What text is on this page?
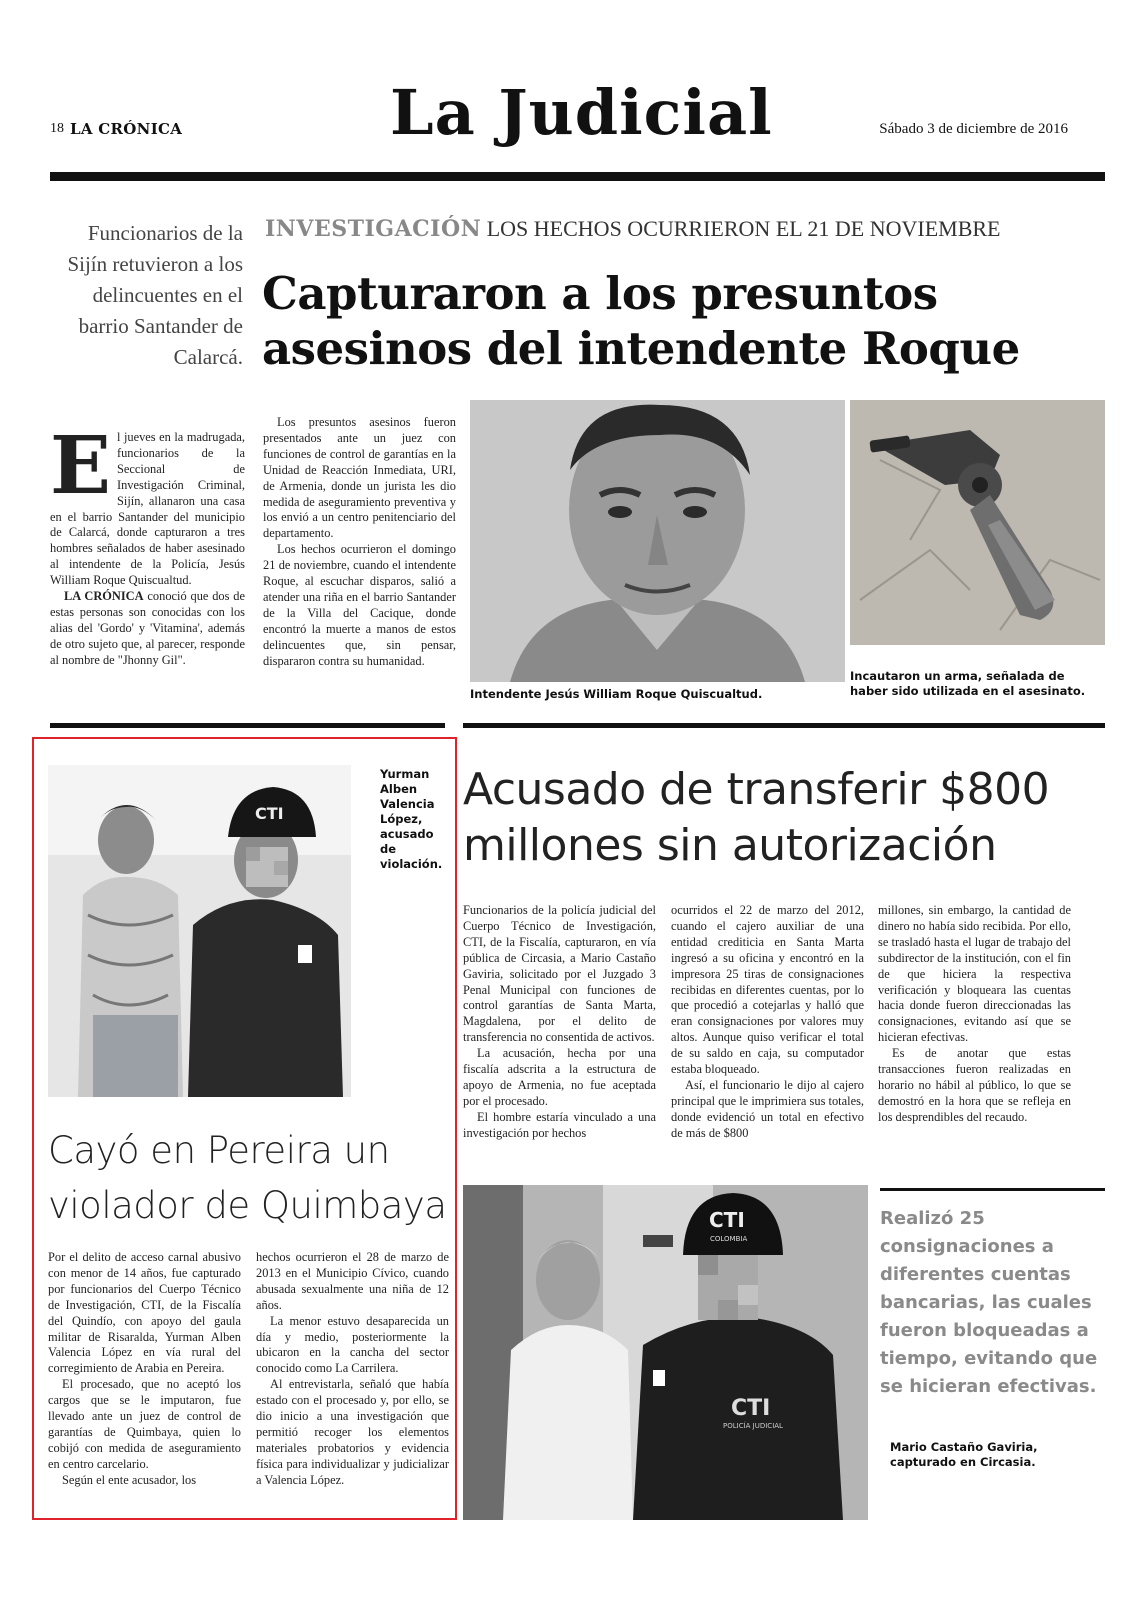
18 LA CRÓNICA	La Judicial	Sábado 3 de diciembre de 2016
Funcionarios de la Sijín retuvieron a los delincuentes en el barrio Santander de Calarcá.
INVESTIGACIÓN LOS HECHOS OCURRIERON EL 21 DE NOVIEMBRE
Capturaron a los presuntos asesinos del intendente Roque

El jueves en la madrugada, funcionarios de la Seccional de Investigación Criminal, Sijín, allanaron una casa en el barrio Santander del municipio de Calarcá, donde capturaron a tres hombres señalados de haber asesinado al intendente de la Policía, Jesús William Roque Quiscualtud.

LA CRÓNICA conoció que dos de estas personas son conocidas con los alias del 'Gordo' y 'Vitamina', además de otro sujeto que, al parecer, responde al nombre de "Jhonny Gil".

Los presuntos asesinos fueron presentados ante un juez con funciones de control de garantías en la Unidad de Reacción Inmediata, URI, de Armenia, donde un jurista les dio medida de aseguramiento preventiva y los envió a un centro penitenciario del departamento.

Los hechos ocurrieron el domingo 21 de noviembre, cuando el intendente Roque, al escuchar disparos, salió a atender una riña en el barrio Santander de la Villa del Cacique, donde encontró la muerte a manos de estos delincuentes que, sin pensar, dispararon contra su humanidad.

Intendente Jesús William Roque Quiscualtud.
Incautaron un arma, señalada de haber sido utilizada en el asesinato.
CTI
Yurman Alben Valencia López, acusado de violación.
Cayó en Pereira un violador de Quimbaya

Por el delito de acceso carnal abusivo con menor de 14 años, fue capturado por funcionarios del Cuerpo Técnico de Investigación, CTI, de la Fiscalía del Quindío, con apoyo del gaula militar de Risaralda, Yurman Alben Valencia López en vía rural del corregimiento de Arabia en Pereira.

El procesado, que no aceptó los cargos que se le imputaron, fue llevado ante un juez de control de garantías de Quimbaya, quien lo cobijó con medida de aseguramiento en centro carcelario.

Según el ente acusador, los

hechos ocurrieron el 28 de marzo de 2013 en el Municipio Cívico, cuando abusada sexualmente una niña de 12 años.

La menor estuvo desaparecida un día y medio, posteriormente la ubicaron en la cancha del sector conocido como La Carrilera.

Al entrevistarla, señaló que había estado con el procesado y, por ello, se dio inicio a una investigación que permitió recoger los elementos materiales probatorios y evidencia física para individualizar y judicializar a Valencia López.

Acusado de transferir $800 millones sin autorización

Funcionarios de la policía judicial del Cuerpo Técnico de Investigación, CTI, de la Fiscalía, capturaron, en vía pública de Circasia, a Mario Castaño Gaviria, solicitado por el Juzgado 3 Penal Municipal con funciones de control garantías de Santa Marta, Magdalena, por el delito de transferencia no consentida de activos.

La acusación, hecha por una fiscalía adscrita a la estructura de apoyo de Armenia, no fue aceptada por el procesado.

El hombre estaría vinculado a una investigación por hechos

ocurridos el 22 de marzo del 2012, cuando el cajero auxiliar de una entidad crediticia en Santa Marta ingresó a su oficina y encontró en la impresora 25 tiras de consignaciones recibidas en diferentes cuentas, por lo que procedió a cotejarlas y halló que eran consignaciones por valores muy altos. Aunque quiso verificar el total de su saldo en caja, su computador estaba bloqueado.

Así, el funcionario le dijo al cajero principal que le imprimiera sus totales, donde evidenció un total en efectivo de más de $800

millones, sin embargo, la cantidad de dinero no había sido recibida. Por ello, se trasladó hasta el lugar de trabajo del subdirector de la institución, con el fin de que hiciera la respectiva verificación y bloqueara las cuentas hacia donde fueron direccionadas las consignaciones, evitando así que se hicieran efectivas.

Es de anotar que estas transacciones fueron realizadas en horario no hábil al público, lo que se demostró en la hora que se refleja en los desprendibles del recaudo.

CTI
COLOMBIA
CTI
POLICÍA JUDICIAL
Realizó 25 consignaciones a diferentes cuentas bancarias, las cuales fueron bloqueadas a tiempo, evitando que se hicieran efectivas.
Mario Castaño Gaviria, capturado en Circasia.
